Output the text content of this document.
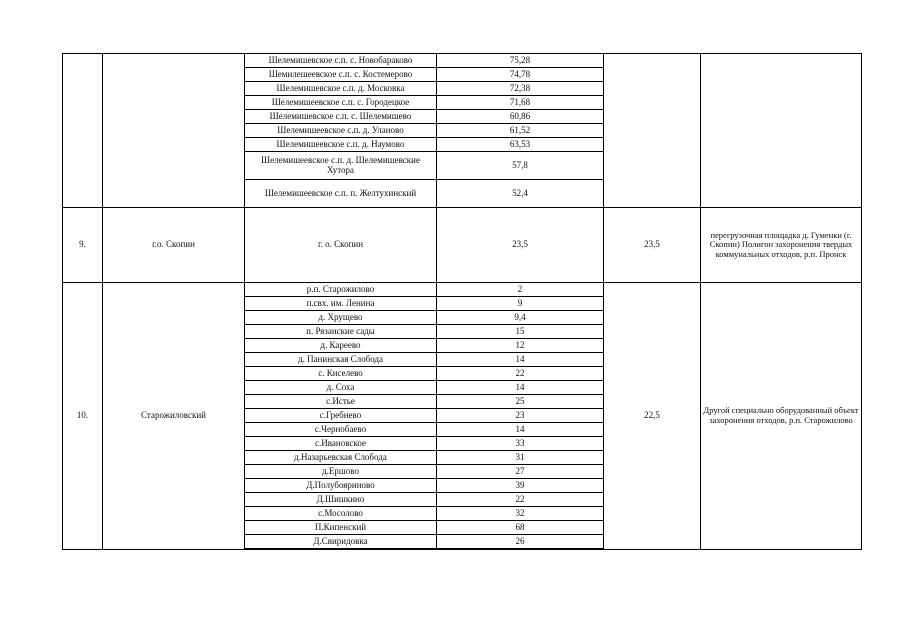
		Шелемишевское с.п. с. Новобараково	75,28		
		Шемилешеевское с.п. с. Костемерово	74,78		
		Шелемишевское с.п. д. Московка	72,38		
		Шелемишеевское с.п. с. Городецкое	71,68		
		Шелемишевское с.п. с. Шелемишево	60,86		
		Шелемишеевское с.п. д. Уланово	61,52		
		Шелемишеевское с.п. д. Наумово	63,53		
		Шелемишеевское с.п. д. Шелемишевские Хутора	57,8		
		Шелемишеевское с.п. п. Желтухинский	52,4		
9.	г.о. Скопин	г. о. Скопин	23,5	23,5	перегрузочная площадка д. Гуменки (г. Скопин) Полигон захоронения твердых коммунальных отходов, р.п. Пронск
10.	Старожиловский	р.п. Старожилово	2	22,5	Другой специально оборудованный объект захоронения отходов, р.п. Старожилово
		п.свх. им. Ленина	9		
		д. Хрущево	9,4		
		п. Рязанские сады	15		
		д. Кареево	12		
		д. Панинская Слобода	14		
		с. Киселево	22		
		д. Соха	14		
		с.Истье	25		
		с.Гребнево	23		
		с.Чернобаево	14		
		с.Ивановское	33		
		д.Назарьевская Слобода	31		
		д.Ершово	27		
		Д.Полубояриново	39		
		Д.Шишкино	22		
		с.Мосолово	32		
		П.Кипенский	68		
		Д.Свиридовка	26		
